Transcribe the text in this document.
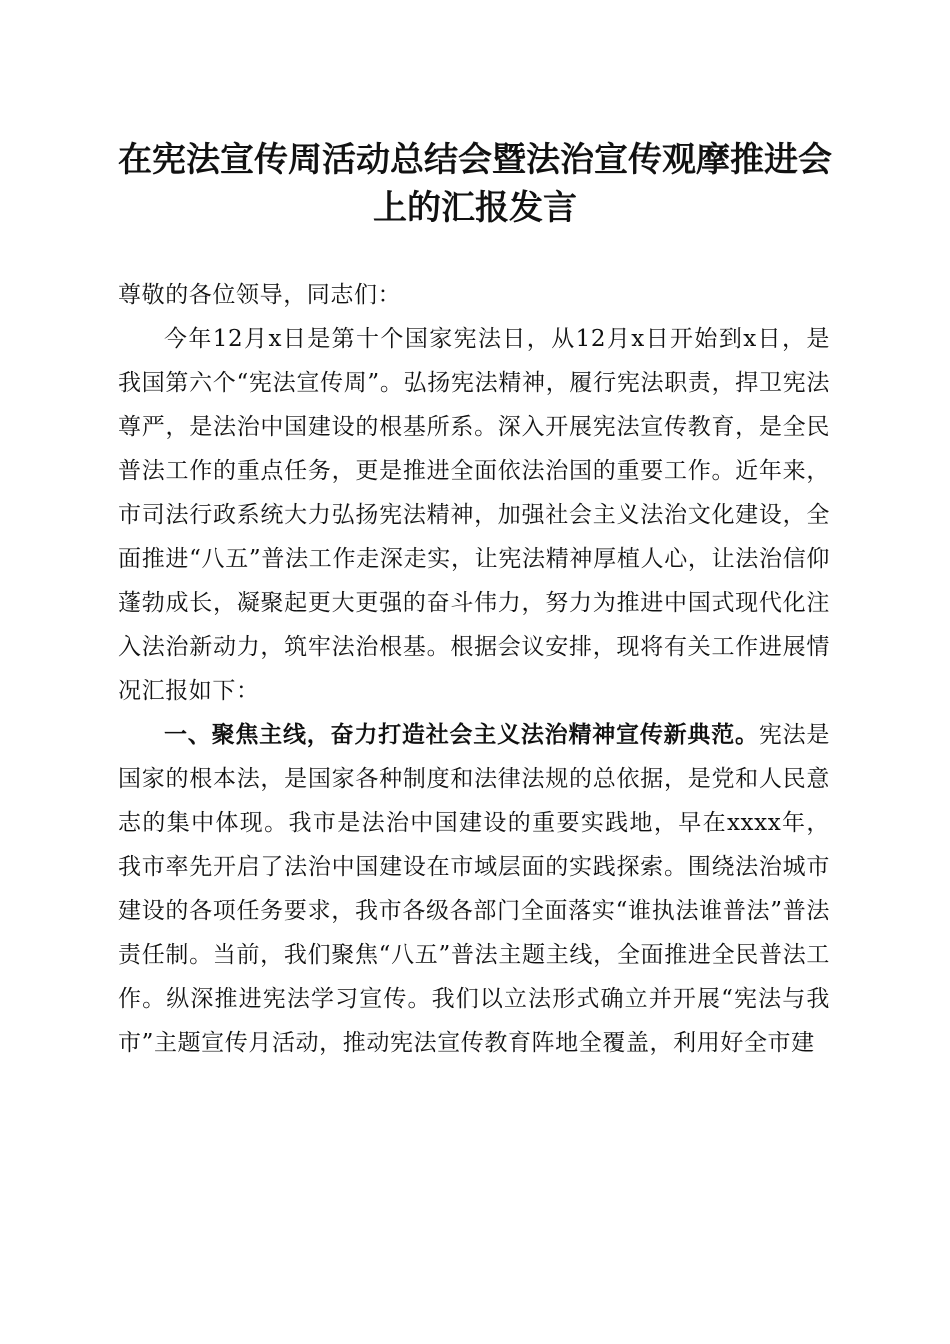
在宪法宣传周活动总结会暨法治宣传观摩推进会上的汇报发言

尊敬的各位领导，同志们：

今年12月x日是第十个国家宪法日，从12月x日开始到x日，是我国第六个“宪法宣传周”。弘扬宪法精神，履行宪法职责，捍卫宪法尊严，是法治中国建设的根基所系。深入开展宪法宣传教育，是全民普法工作的重点任务，更是推进全面依法治国的重要工作。近年来，市司法行政系统大力弘扬宪法精神，加强社会主义法治文化建设，全面推进“八五”普法工作走深走实，让宪法精神厚植人心，让法治信仰蓬勃成长，凝聚起更大更强的奋斗伟力，努力为推进中国式现代化注入法治新动力，筑牢法治根基。根据会议安排，现将有关工作进展情况汇报如下：

一、聚焦主线，奋力打造社会主义法治精神宣传新典范。宪法是国家的根本法，是国家各种制度和法律法规的总依据，是党和人民意志的集中体现。我市是法治中国建设的重要实践地，早在xxxx年，我市率先开启了法治中国建设在市域层面的实践探索。围绕法治城市建设的各项任务要求，我市各级各部门全面落实“谁执法谁普法”普法责任制。当前，我们聚焦“八五”普法主题主线，全面推进全民普法工作。纵深推进宪法学习宣传。我们以立法形式确立并开展“宪法与我市”主题宣传月活动，推动宪法宣传教育阵地全覆盖，利用好全市建
